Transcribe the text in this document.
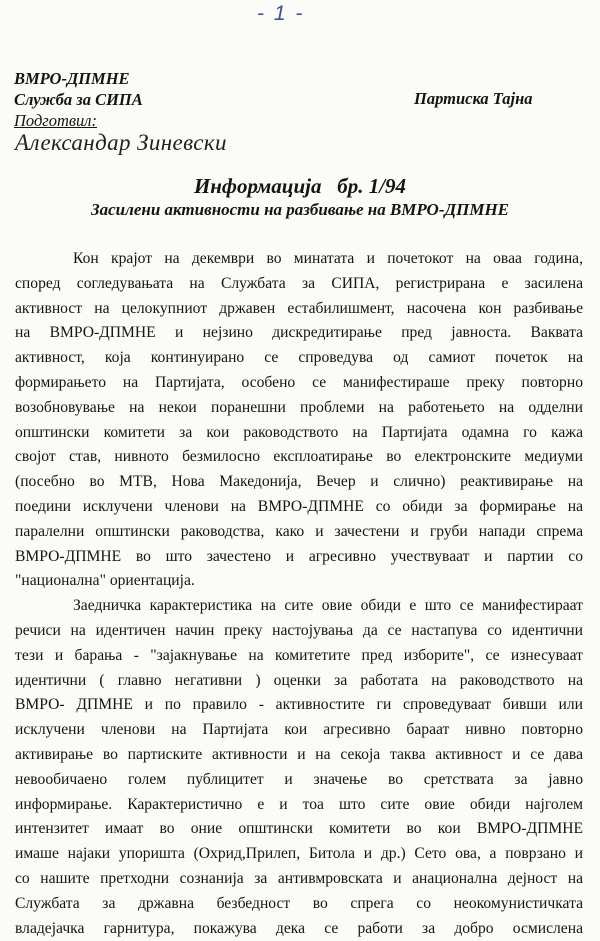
- 1 -
ВМРО-ДПМНЕ
Служба за СИПА
Подготвил:
Партиска Тајна
Александар Зиневски
Информација   бр. 1/94
Засилени активности на разбивање на ВМРО-ДПМНЕ
Кон крајот на декември во минатата и почетокот на оваа година,
според согледувањата на Службата за СИПА, регистрирана е засилена
активност на целокупниот државен естабилишмент, насочена кон разбивање
на ВМРО-ДПМНЕ и нејзино дискредитирање пред јавноста. Ваквата
активност, која континуирано се спроведува од самиот почеток на
формирањето на Партијата, особено се манифестираше преку повторно
возобновување на некои поранешни проблеми на работењето на одделни
општински комитети за кои раководството на Партијата одамна го кажа
својот став, нивното безмилосно експлоатирање во електронските медиуми
(посебно во МТВ, Нова Македонија, Вечер и слично) реактивирање на
поедини исклучени членови на ВМРО-ДПМНЕ со обиди за формирање на
паралелни општински раководства, како и зачестени и груби напади спрема
ВМРО-ДПМНЕ во што зачестено и агресивно учествуваат и партии со
"национална" ориентација.
Заедничка карактеристика на сите овие обиди е што се манифестираат
речиси на идентичен начин преку настојувања да се настапува со идентични
тези и барања - "зајакнување на комитетите пред изборите", се изнесуваат
идентични ( главно негативни ) оценки за работата на раководството на
ВМРО- ДПМНЕ и по правило - активностите ги спроведуваат бивши или
исклучени членови на Партијата кои агресивно бараат нивно повторно
активирање во партиските активности и на секоја таква активност и се дава
невообичаено голем публицитет и значење во сретствата за јавно
информирање. Карактеристично е и тоа што сите овие обиди најголем
интензитет имаат во оние општински комитети во кои ВМРО-ДПМНЕ
имаше најаки упоришта (Охрид,Прилеп, Битола и др.) Сето ова, а поврзано и
со нашите претходни сознанија за антивмровската и анационална дејност на
Службата за државна безбедност во спрега со неокомунистичката
владејачка гарнитура, покажува дека се работи за добро осмислена
